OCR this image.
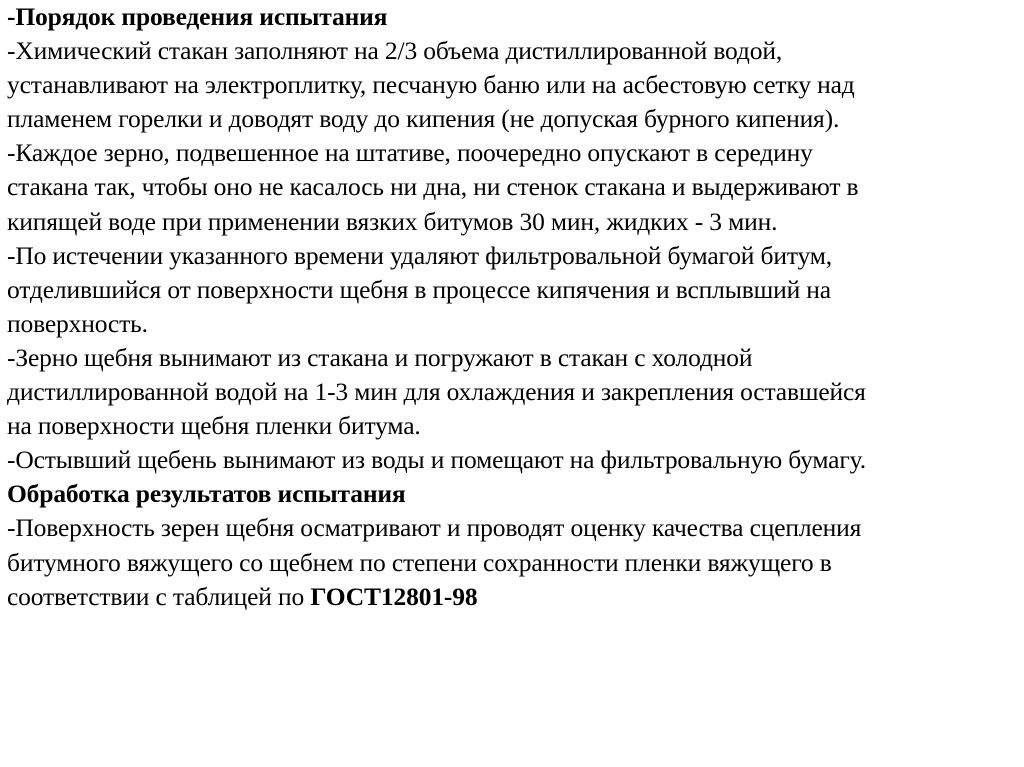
-Порядок проведения испытания
-Химический стакан заполняют на 2/3 объема дистиллированной водой,
устанавливают на электроплитку, песчаную баню или на асбестовую сетку над
пламенем горелки и доводят воду до кипения (не допуская бурного кипения).
-Каждое зерно, подвешенное на штативе, поочередно опускают в середину
стакана так, чтобы оно не касалось ни дна, ни стенок стакана и выдерживают в
кипящей воде при применении вязких битумов 30 мин, жидких - 3 мин.
-По истечении указанного времени удаляют фильтровальной бумагой битум,
отделившийся от поверхности щебня в процессе кипячения и всплывший на
поверхность.
-Зерно щебня вынимают из стакана и погружают в стакан с холодной
дистиллированной водой на 1-3 мин для охлаждения и закрепления оставшейся
на поверхности щебня пленки битума.
-Остывший щебень вынимают из воды и помещают на фильтровальную бумагу.
Обработка результатов испытания
-Поверхность зерен щебня осматривают и проводят оценку качества сцепления
битумного вяжущего со щебнем по степени сохранности пленки вяжущего в
соответствии с таблицей по ГОСТ12801-98
